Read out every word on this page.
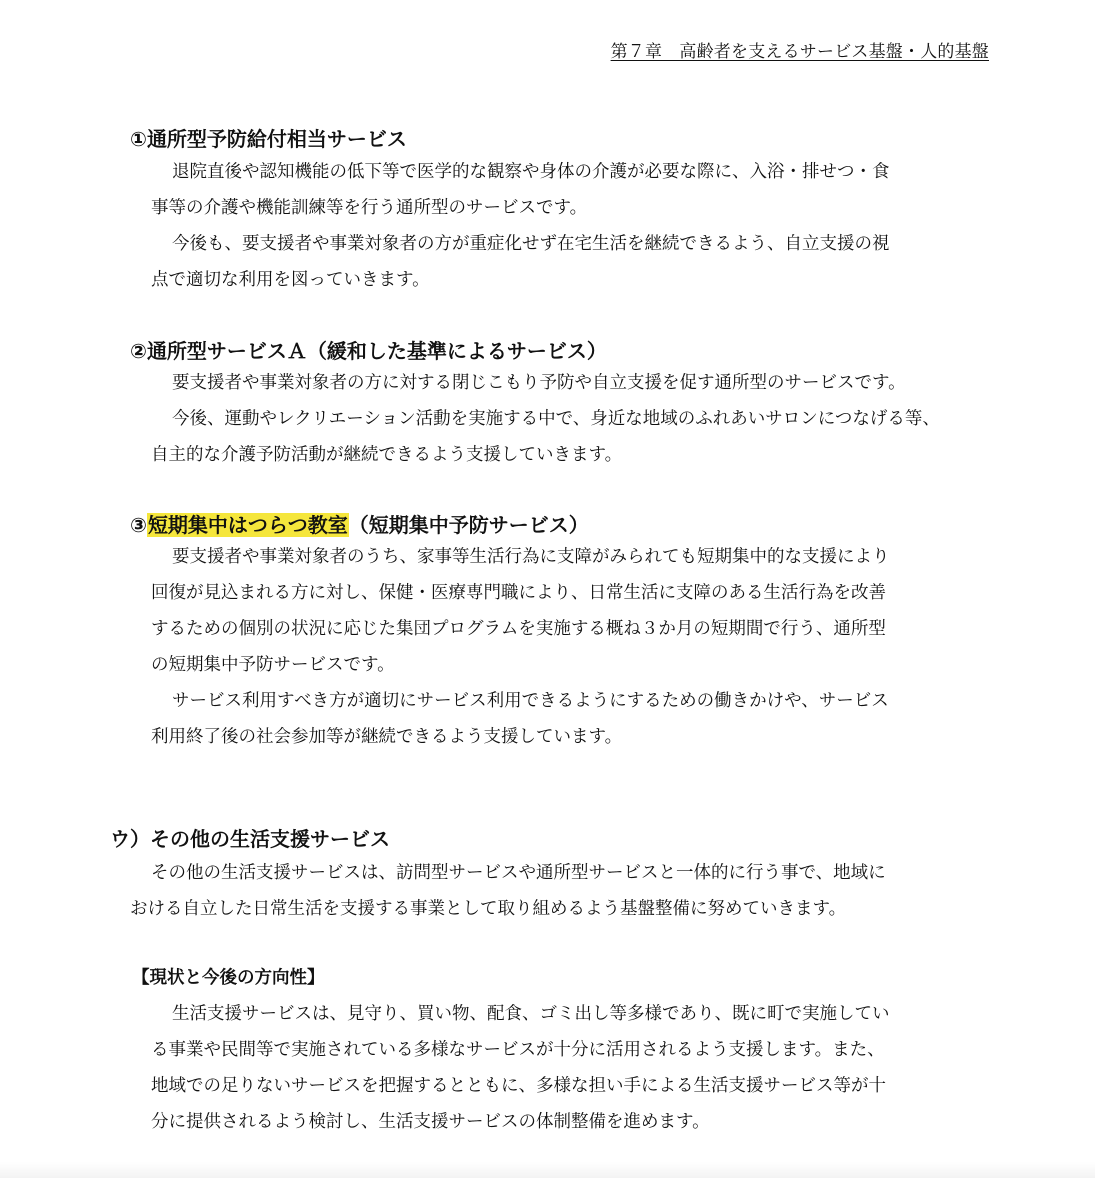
第７章　高齢者を支えるサービス基盤・人的基盤
①通所型予防給付相当サービス
退院直後や認知機能の低下等で医学的な観察や身体の介護が必要な際に、入浴・排せつ・食
事等の介護や機能訓練等を行う通所型のサービスです。
今後も、要支援者や事業対象者の方が重症化せず在宅生活を継続できるよう、自立支援の視
点で適切な利用を図っていきます。
②通所型サービスＡ（緩和した基準によるサービス）
要支援者や事業対象者の方に対する閉じこもり予防や自立支援を促す通所型のサービスです。
今後、運動やレクリエーション活動を実施する中で、身近な地域のふれあいサロンにつなげる等、
自主的な介護予防活動が継続できるよう支援していきます。
③短期集中はつらつ教室（短期集中予防サービス）
要支援者や事業対象者のうち、家事等生活行為に支障がみられても短期集中的な支援により
回復が見込まれる方に対し、保健・医療専門職により、日常生活に支障のある生活行為を改善
するための個別の状況に応じた集団プログラムを実施する概ね３か月の短期間で行う、通所型
の短期集中予防サービスです。
サービス利用すべき方が適切にサービス利用できるようにするための働きかけや、サービス
利用終了後の社会参加等が継続できるよう支援しています。
ウ）その他の生活支援サービス
その他の生活支援サービスは、訪問型サービスや通所型サービスと一体的に行う事で、地域に
おける自立した日常生活を支援する事業として取り組めるよう基盤整備に努めていきます。
【現状と今後の方向性】
生活支援サービスは、見守り、買い物、配食、ゴミ出し等多様であり、既に町で実施してい
る事業や民間等で実施されている多様なサービスが十分に活用されるよう支援します。また、
地域での足りないサービスを把握するとともに、多様な担い手による生活支援サービス等が十
分に提供されるよう検討し、生活支援サービスの体制整備を進めます。
